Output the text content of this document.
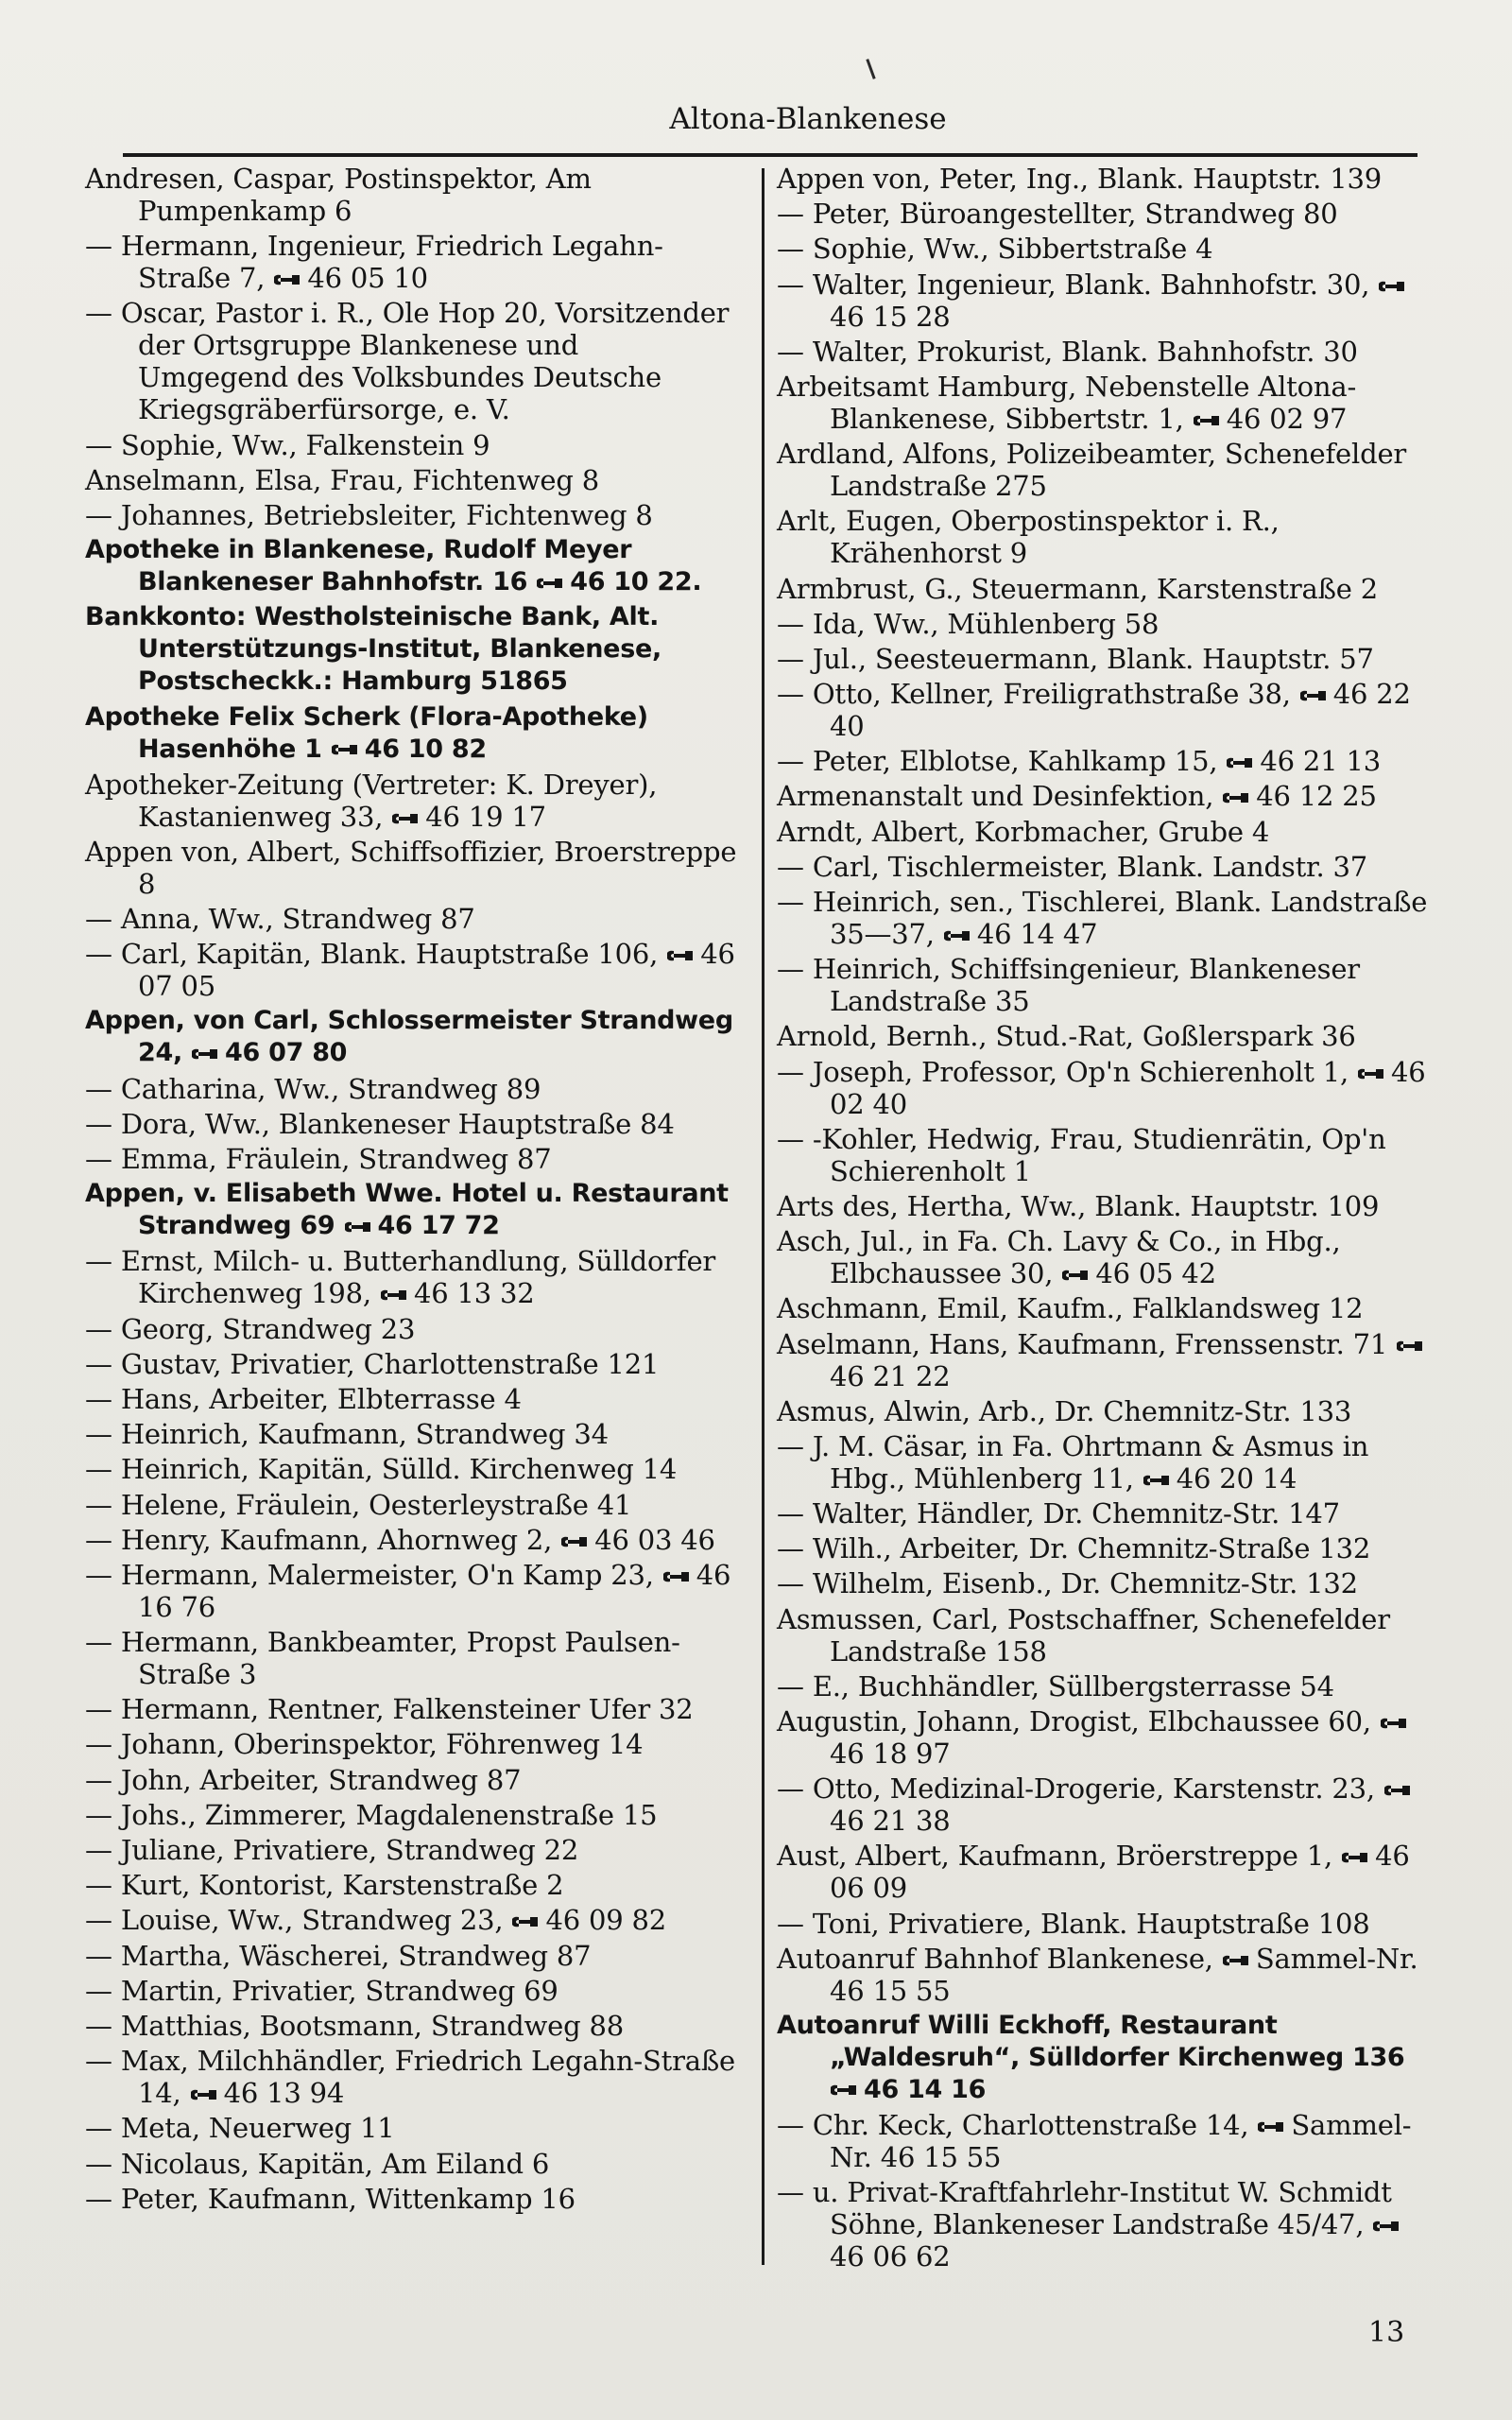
Altona-Blankenese
Andresen, Caspar, Postinspektor, Am Pumpenkamp 6
— Hermann, Ingenieur, Friedrich Legahn-Straße 7, 46 05 10
— Oscar, Pastor i. R., Ole Hop 20, Vorsitzender der Ortsgruppe Blankenese und Umgegend des Volksbundes Deutsche Kriegsgräberfürsorge, e. V.
— Sophie, Ww., Falkenstein 9
Anselmann, Elsa, Frau, Fichtenweg 8
— Johannes, Betriebsleiter, Fichtenweg 8
Apotheke in Blankenese, Rudolf Meyer Blankeneser Bahnhofstr. 16 46 10 22.
Bankkonto: Westholsteinische Bank, Alt. Unterstützungs-Institut, Blankenese, Postscheckk.: Hamburg 51865
Apotheke Felix Scherk (Flora-Apotheke) Hasenhöhe 1 46 10 82
Apotheker-Zeitung (Vertreter: K. Dreyer), Kastanienweg 33, 46 19 17
Appen von, Albert, Schiffsoffizier, Broerstreppe 8
— Anna, Ww., Strandweg 87
— Carl, Kapitän, Blank. Hauptstraße 106, 46 07 05
Appen, von Carl, Schlossermeister Strandweg 24, 46 07 80
— Catharina, Ww., Strandweg 89
— Dora, Ww., Blankeneser Hauptstraße 84
— Emma, Fräulein, Strandweg 87
Appen, v. Elisabeth Wwe. Hotel u. Restaurant Strandweg 69 46 17 72
— Ernst, Milch- u. Butterhandlung, Sülldorfer Kirchenweg 198, 46 13 32
— Georg, Strandweg 23
— Gustav, Privatier, Charlottenstraße 121
— Hans, Arbeiter, Elbterrasse 4
— Heinrich, Kaufmann, Strandweg 34
— Heinrich, Kapitän, Sülld. Kirchenweg 14
— Helene, Fräulein, Oesterleystraße 41
— Henry, Kaufmann, Ahornweg 2, 46 03 46
— Hermann, Malermeister, O'n Kamp 23, 46 16 76
— Hermann, Bankbeamter, Propst Paulsen-Straße 3
— Hermann, Rentner, Falkensteiner Ufer 32
— Johann, Oberinspektor, Föhrenweg 14
— John, Arbeiter, Strandweg 87
— Johs., Zimmerer, Magdalenenstraße 15
— Juliane, Privatiere, Strandweg 22
— Kurt, Kontorist, Karstenstraße 2
— Louise, Ww., Strandweg 23, 46 09 82
— Martha, Wäscherei, Strandweg 87
— Martin, Privatier, Strandweg 69
— Matthias, Bootsmann, Strandweg 88
— Max, Milchhändler, Friedrich Legahn-Straße 14, 46 13 94
— Meta, Neuerweg 11
— Nicolaus, Kapitän, Am Eiland 6
— Peter, Kaufmann, Wittenkamp 16
Appen von, Peter, Ing., Blank. Hauptstr. 139
— Peter, Büroangestellter, Strandweg 80
— Sophie, Ww., Sibbertstraße 4
— Walter, Ingenieur, Blank. Bahnhofstr. 30,
46 15 28
— Walter, Prokurist, Blank. Bahnhofstr. 30
Arbeitsamt Hamburg, Nebenstelle Altona-Blankenese, Sibbertstr. 1, 46 02 97
Ardland, Alfons, Polizeibeamter, Schenefelder Landstraße 275
Arlt, Eugen, Oberpostinspektor i. R., Krähenhorst 9
Armbrust, G., Steuermann, Karstenstraße 2
— Ida, Ww., Mühlenberg 58
— Jul., Seesteuermann, Blank. Hauptstr. 57
— Otto, Kellner, Freiligrathstraße 38, 46 22 40
— Peter, Elblotse, Kahlkamp 15, 46 21 13
Armenanstalt und Desinfektion, 46 12 25
Arndt, Albert, Korbmacher, Grube 4
— Carl, Tischlermeister, Blank. Landstr. 37
— Heinrich, sen., Tischlerei, Blank. Landstraße 35—37, 46 14 47
— Heinrich, Schiffsingenieur, Blankeneser Landstraße 35
Arnold, Bernh., Stud.-Rat, Goßlerspark 36
— Joseph, Professor, Op'n Schierenholt 1, 46 02 40
— -Kohler, Hedwig, Frau, Studienrätin, Op'n Schierenholt 1
Arts des, Hertha, Ww., Blank. Hauptstr. 109
Asch, Jul., in Fa. Ch. Lavy & Co., in Hbg., Elbchaussee 30, 46 05 42
Aschmann, Emil, Kaufm., Falklandsweg 12
Aselmann, Hans, Kaufmann, Frenssenstr. 71
46 21 22
Asmus, Alwin, Arb., Dr. Chemnitz-Str. 133
— J. M. Cäsar, in Fa. Ohrtmann & Asmus in Hbg., Mühlenberg 11, 46 20 14
— Walter, Händler, Dr. Chemnitz-Str. 147
— Wilh., Arbeiter, Dr. Chemnitz-Straße 132
— Wilhelm, Eisenb., Dr. Chemnitz-Str. 132
Asmussen, Carl, Postschaffner, Schenefelder Landstraße 158
— E., Buchhändler, Süllbergsterrasse 54
Augustin, Johann, Drogist, Elbchaussee 60,
46 18 97
— Otto, Medizinal-Drogerie, Karstenstr. 23,
46 21 38
Aust, Albert, Kaufmann, Bröerstreppe 1, 46 06 09
— Toni, Privatiere, Blank. Hauptstraße 108
Autoanruf Bahnhof Blankenese, Sammel-Nr. 46 15 55
Autoanruf Willi Eckhoff, Restaurant „Waldesruh“, Sülldorfer Kirchenweg 136
46 14 16
— Chr. Keck, Charlottenstraße 14, Sammel-Nr. 46 15 55
— u. Privat-Kraftfahrlehr-Institut W. Schmidt Söhne, Blankeneser Landstraße 45/47,
46 06 62
13
